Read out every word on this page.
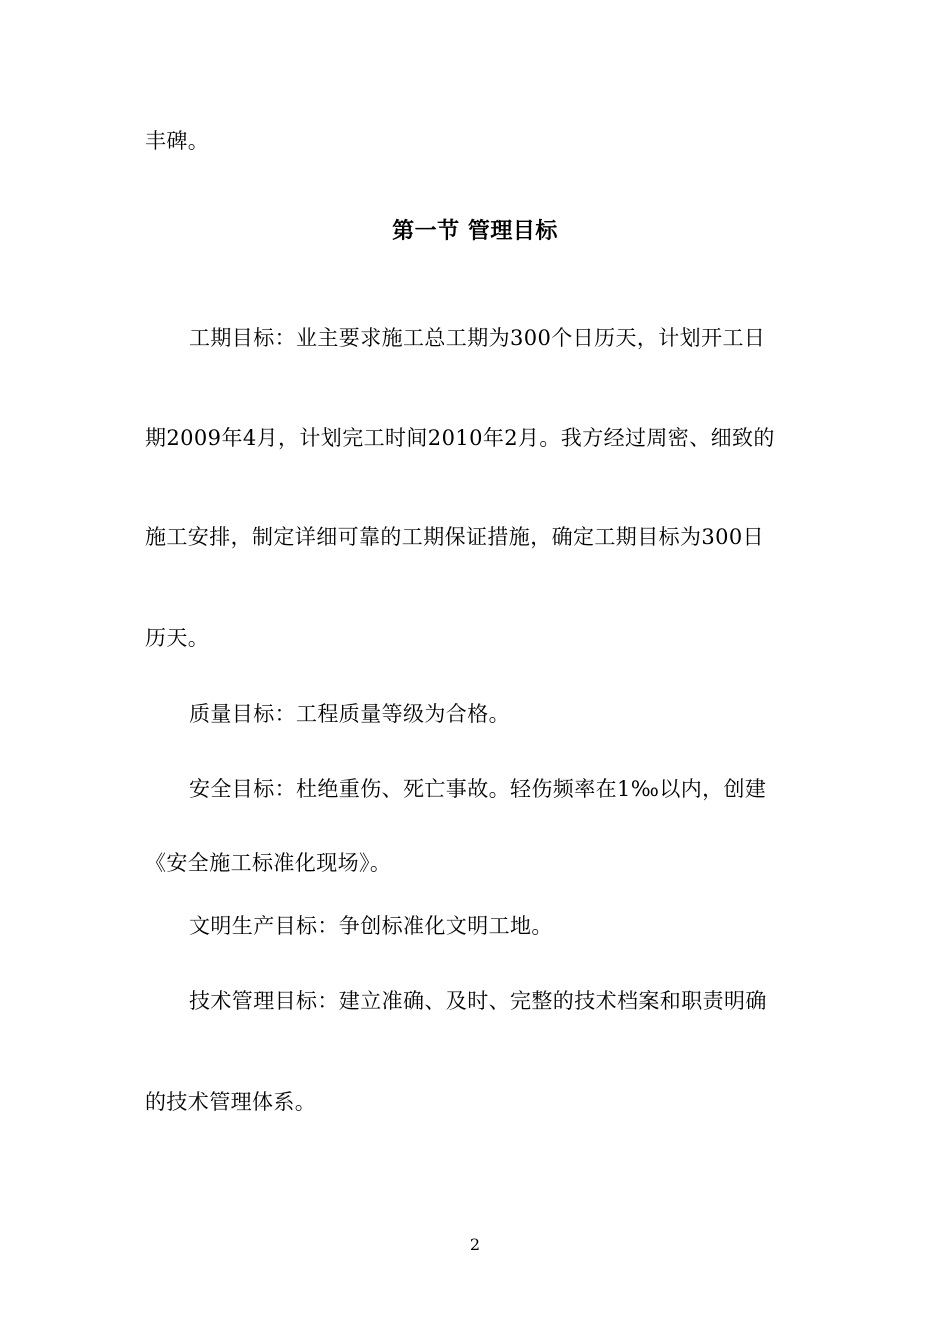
丰碑。
第一节 管理目标
工期目标：业主要求施工总工期为300个日历天，计划开工日
期2009年4月，计划完工时间2010年2月。我方经过周密、细致的
施工安排，制定详细可靠的工期保证措施，确定工期目标为300日
历天。
质量目标：工程质量等级为合格。
安全目标：杜绝重伤、死亡事故。轻伤频率在1‰以内，创建
《安全施工标准化现场》。
文明生产目标：争创标准化文明工地。
技术管理目标：建立准确、及时、完整的技术档案和职责明确
的技术管理体系。
2
